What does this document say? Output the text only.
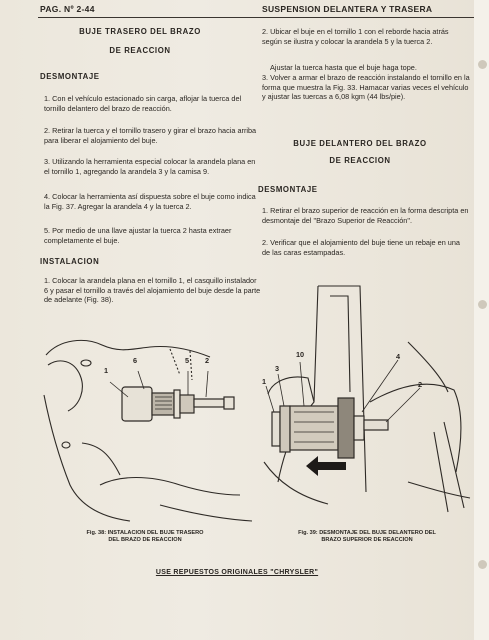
PAG. Nº 2-44	SUSPENSION DELANTERA Y TRASERA
BUJE TRASERO DEL BRAZO
DE REACCION
DESMONTAJE
1. Con el vehículo estacionado sin carga, aflojar la tuerca del tornillo delantero del brazo de reacción.
2. Retirar la tuerca y el tornillo trasero y girar el brazo hacia arriba para liberar el alojamiento del buje.
3. Utilizando la herramienta especial colocar la arandela plana en el tornillo 1, agregando la arandela 3 y la camisa 9.
4. Colocar la herramienta así dispuesta sobre el buje como indica la Fig. 37. Agregar la arandela 4 y la tuerca 2.
5. Por medio de una llave ajustar la tuerca 2 hasta extraer completamente el buje.
INSTALACION
1. Colocar la arandela plana en el tornillo 1, el casquillo instalador 6 y pasar el tornillo a través del alojamiento del buje desde la parte de adelante (Fig. 38).
2. Ubicar el buje en el tornillo 1 con el reborde hacia atrás según se ilustra y colocar la arandela 5 y la tuerca 2.
Ajustar la tuerca hasta que el buje haga tope.
3. Volver a armar el brazo de reacción instalando el tornillo en la forma que muestra la Fig. 33. Hamacar varias veces el vehículo y ajustar las tuercas a 6,08 kgm (44 lbs/pie).
BUJE DELANTERO DEL BRAZO
DE REACCION
DESMONTAJE
1. Retirar el brazo superior de reacción en la forma descripta en desmontaje del "Brazo Superior de Reacción".
2. Verificar que el alojamiento del buje tiene un rebaje en una de las caras estampadas.
1
6	5 2
Fig. 38: INSTALACION DEL BUJE TRASERO
DEL BRAZO DE REACCION
10
3
1
4
2
Fig. 39: DESMONTAJE DEL BUJE DELANTERO DEL
BRAZO SUPERIOR DE REACCION
USE REPUESTOS ORIGINALES "CHRYSLER"
